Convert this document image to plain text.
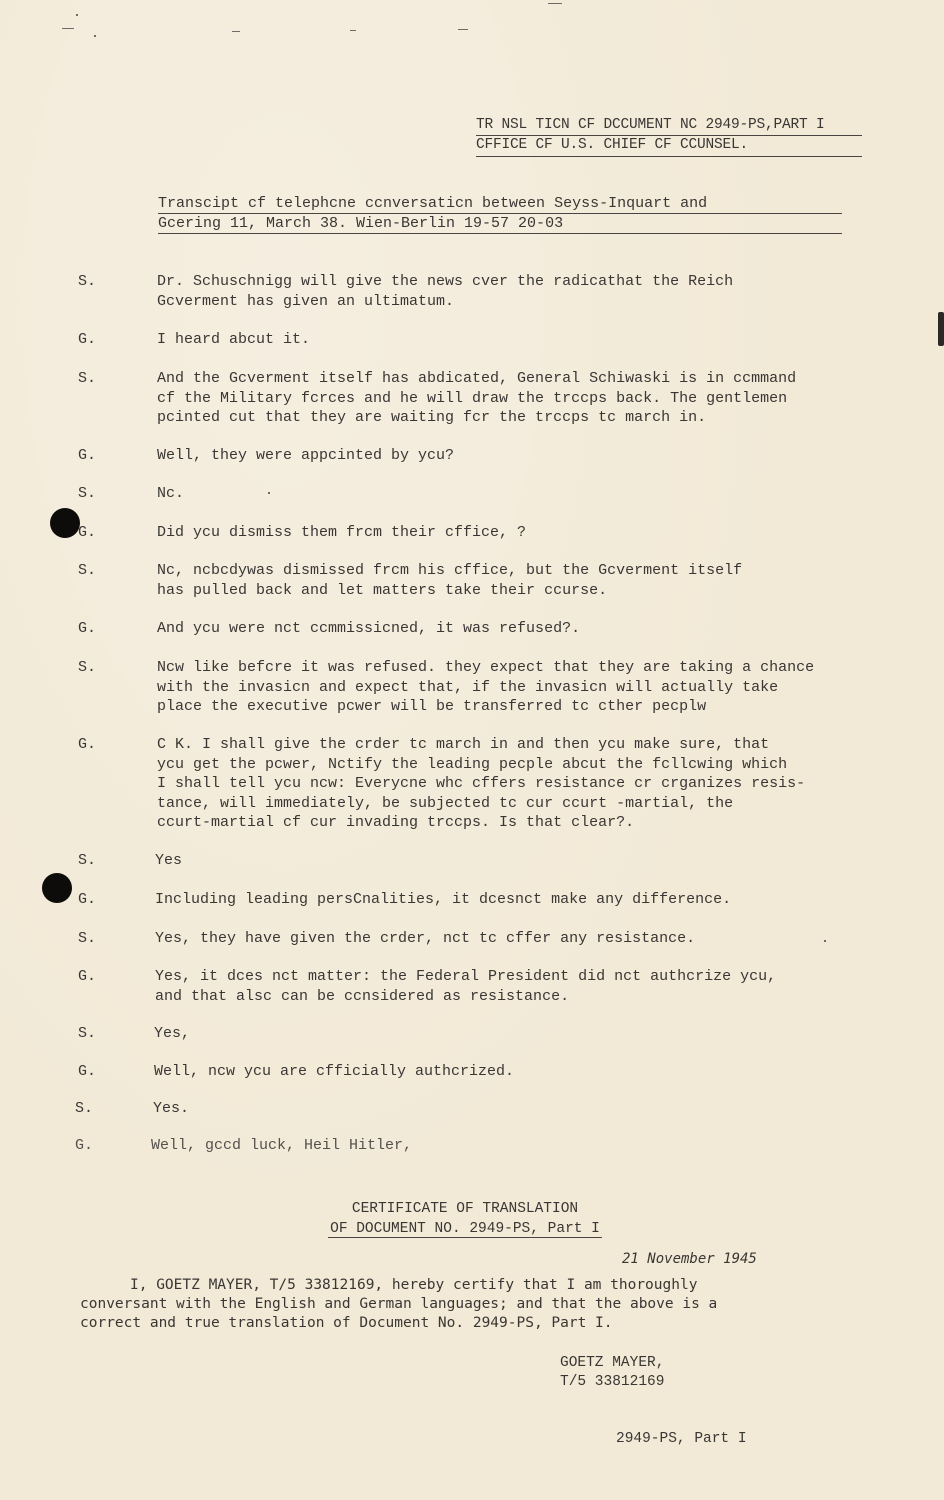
TR NSL TICN CF DCCUMENT NC 2949-PS,PART I
CFFICE CF U.S. CHIEF CF CCUNSEL.
Transcipt cf telephcne ccnversaticn between Seyss-Inquart and
Gcering 11, March 38. Wien-Berlin 19-57 20-03
S.	Dr. Schuschnigg will give the news cver the radicathat the Reich
Gcverment has given an ultimatum.
G.	I heard abcut it.
S.	And the Gcverment itself has abdicated, General Schiwaski is in ccmmand
cf the Military fcrces and he will draw the trccps back. The gentlemen
pcinted cut that they are waiting fcr the trccps tc march in.
G.	Well, they were appcinted by ycu?
S.	Nc.
G.	Did ycu dismiss them frcm their cffice, ?
S.	Nc, ncbcdywas dismissed frcm his cffice, but the Gcverment itself
has pulled back and let matters take their ccurse.
G.	And ycu were nct ccmmissicned, it was refused?.
S.	Ncw like befcre it was refused. they expect that they are taking a chance
with the invasicn and expect that, if the invasicn will actually take
place the executive pcwer will be transferred tc cther pecplw
G.	C K. I shall give the crder tc march in and then ycu make sure, that
ycu get the pcwer, Nctify the leading pecple abcut the fcllcwing which
I shall tell ycu ncw: Everycne whc cffers resistance cr crganizes resis-
tance, will immediately, be subjected tc cur ccurt -martial, the
ccurt-martial cf cur invading trccps. Is that clear?.
S.	Yes
G.	Including leading persCnalities, it dcesnct make any difference.
S.	Yes, they have given the crder, nct tc cffer any resistance.
G.	Yes, it dces nct matter: the Federal President did nct authcrize ycu,
and that alsc can be ccnsidered as resistance.
S.	Yes,
G.	Well, ncw ycu are cfficially authcrized.
S.	Yes.
G.	Well, gccd luck, Heil Hitler,
CERTIFICATE OF TRANSLATION
OF DOCUMENT NO. 2949-PS, Part I
21 November 1945
I, GOETZ MAYER, T/5 33812169, hereby certify that I am thoroughly
conversant with the English and German languages; and that the above is a
correct and true translation of Document No. 2949-PS, Part I.
GOETZ MAYER,
T/5 33812169
2949-PS, Part I
